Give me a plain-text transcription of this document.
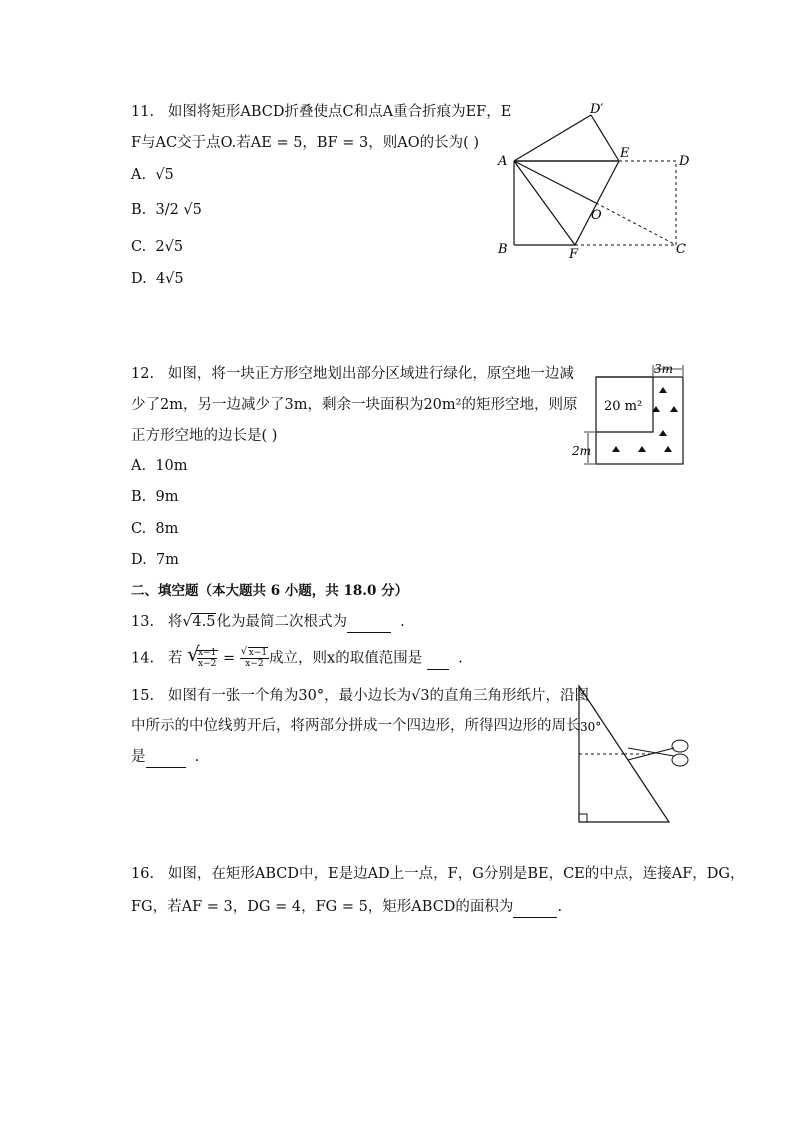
11. 如图将矩形ABCD折叠使点C和点A重合折痕为EF，E
F与AC交于点O.若AE = 5，BF = 3，则AO的长为( )
A. √5
B. 3/2 √5
C. 2√5
D. 4√5
A
B	C
D
E
F
O
D′
12. 如图，将一块正方形空地划出部分区域进行绿化，原空地一边减
少了2m，另一边减少了3m，剩余一块面积为20m²的矩形空地，则原
正方形空地的边长是( )
A. 10m
B. 9m
C. 8m
D. 7m
3m
2m
20 m²
二、填空题（本大题共 6 小题，共 18.0 分）
13. 将 √ 4.5化为最简二次根式为	.
14. 若 √
$\frac{x-1}{x-2} = \frac{√ x-1}{x-2}$ 成立，则x的取值范围是 .
15. 如图有一张一个角为30°，最小边长为√3的直角三角形纸片，沿图
中所示的中位线剪开后，将两部分拼成一个四边形，所得四边形的周长
是	.
30°
16. 如图，在矩形ABCD中，E是边AD上一点，F，G分别是BE，CE的中点，连接AF，DG，
FG，若AF = 3，DG = 4，FG = 5，矩形ABCD的面积为	.
